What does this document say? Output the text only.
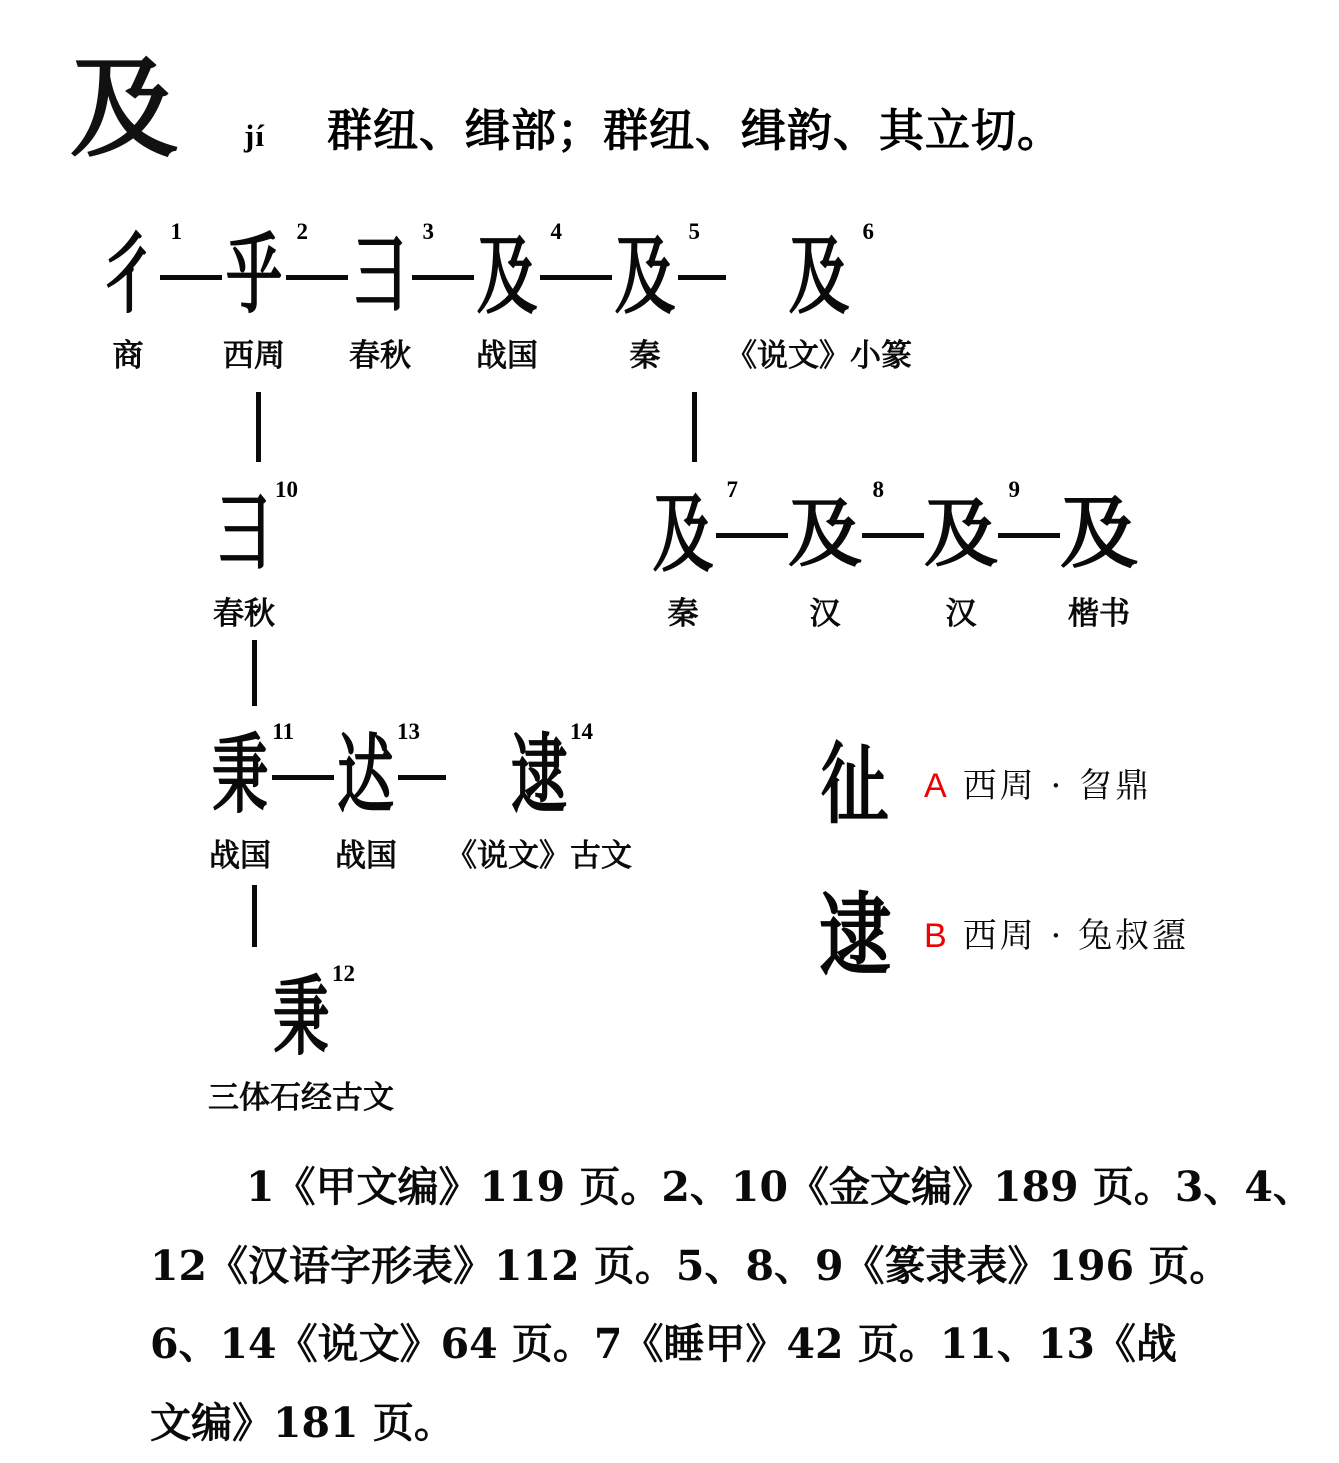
及	jí 群纽、缉部；群纽、缉韵、其立切。
彳 1
商
乎 2
西周
彐 3
春秋
及 4
战国
及 5
秦
及 6
《说文》小篆
彐 10
春秋
及 7
秦
及
8
汉
及
9
汉
及
楷书
秉 11
战国
迖 13
战国
逮 14
《说文》古文
秉 12
三体石经古文
𢓊 A 西周 · 曶鼎
逮 B 西周 · 兔叔盨
1《甲文编》119 页。2、10《金文编》189 页。3、4、
12《汉语字形表》112 页。5、8、9《篆隶表》196 页。
6、14《说文》64 页。7《睡甲》42 页。11、13《战
文编》181 页。
